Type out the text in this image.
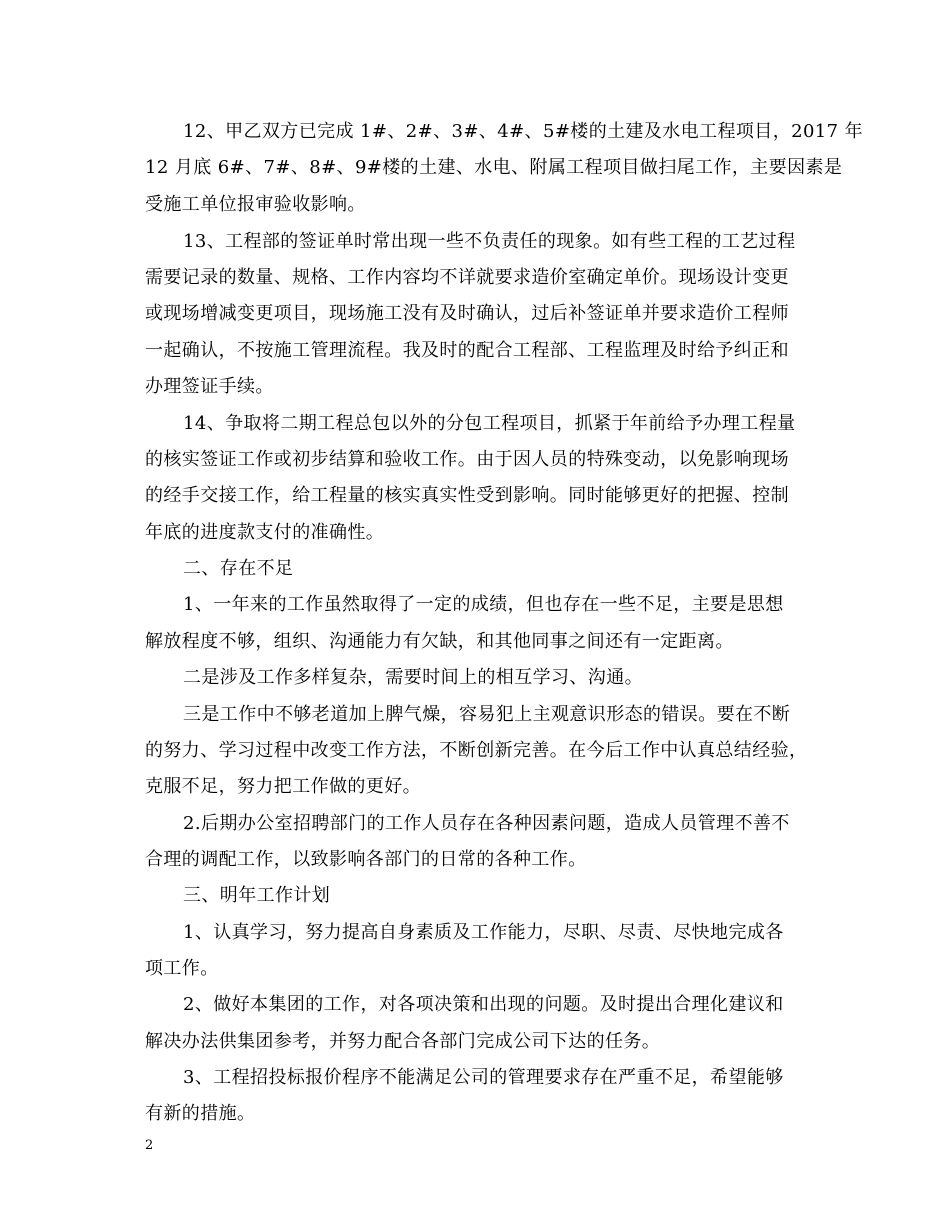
12、甲乙双方已完成 1#、2#、3#、4#、5#楼的土建及水电工程项目，2017 年
12 月底 6#、7#、8#、9#楼的土建、水电、附属工程项目做扫尾工作，主要因素是
受施工单位报审验收影响。
13、工程部的签证单时常出现一些不负责任的现象。如有些工程的工艺过程
需要记录的数量、规格、工作内容均不详就要求造价室确定单价。现场设计变更
或现场增减变更项目，现场施工没有及时确认，过后补签证单并要求造价工程师
一起确认，不按施工管理流程。我及时的配合工程部、工程监理及时给予纠正和
办理签证手续。
14、争取将二期工程总包以外的分包工程项目，抓紧于年前给予办理工程量
的核实签证工作或初步结算和验收工作。由于因人员的特殊变动，以免影响现场
的经手交接工作，给工程量的核实真实性受到影响。同时能够更好的把握、控制
年底的进度款支付的准确性。
二、存在不足
1、一年来的工作虽然取得了一定的成绩，但也存在一些不足，主要是思想
解放程度不够，组织、沟通能力有欠缺，和其他同事之间还有一定距离。
二是涉及工作多样复杂，需要时间上的相互学习、沟通。
三是工作中不够老道加上脾气燥，容易犯上主观意识形态的错误。要在不断
的努力、学习过程中改变工作方法，不断创新完善。在今后工作中认真总结经验，
克服不足，努力把工作做的更好。
2.后期办公室招聘部门的工作人员存在各种因素问题，造成人员管理不善不
合理的调配工作，以致影响各部门的日常的各种工作。
三、明年工作计划
1、认真学习，努力提高自身素质及工作能力，尽职、尽责、尽快地完成各
项工作。
2、做好本集团的工作，对各项决策和出现的问题。及时提出合理化建议和
解决办法供集团参考，并努力配合各部门完成公司下达的任务。
3、工程招投标报价程序不能满足公司的管理要求存在严重不足，希望能够
有新的措施。
2
